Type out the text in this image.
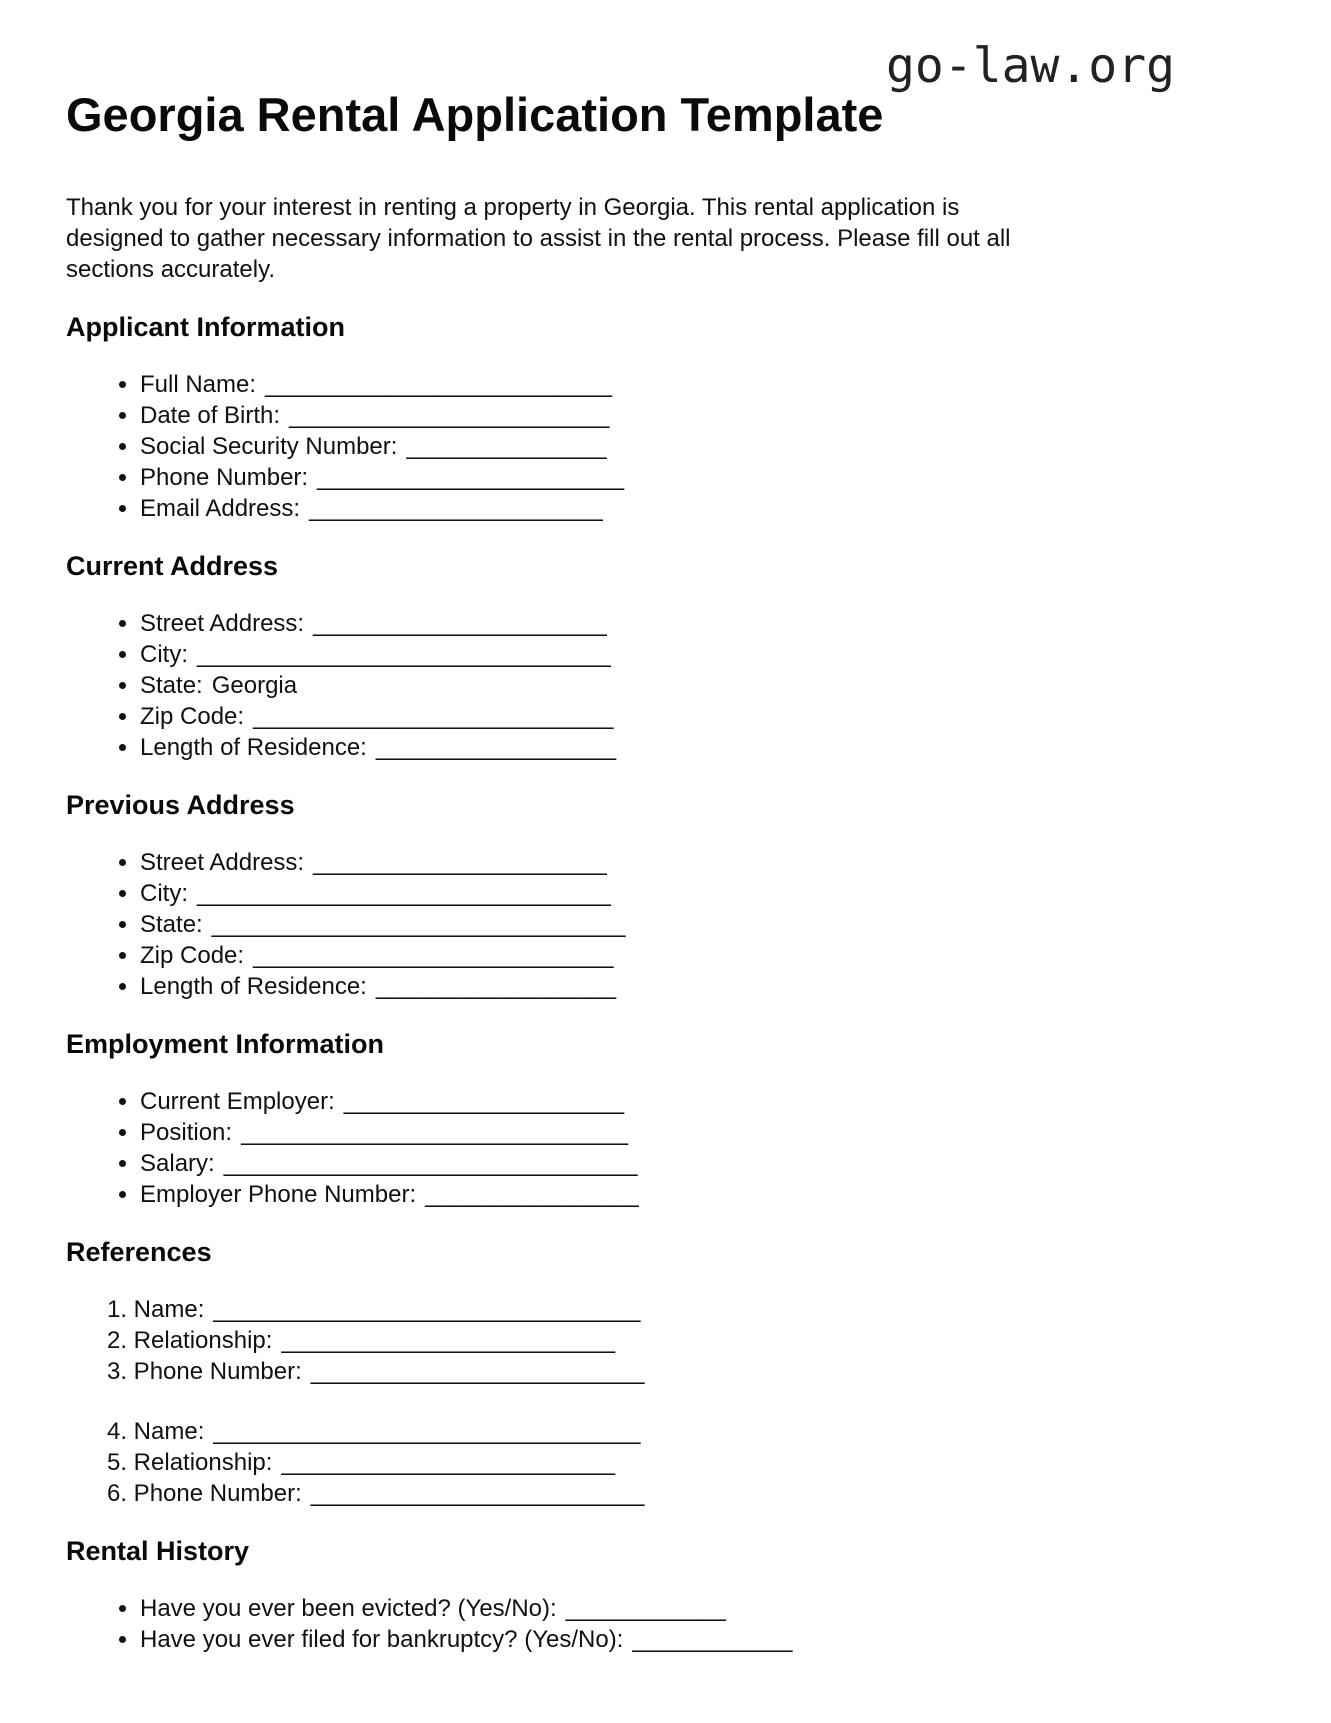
go-law.org
Georgia Rental Application Template

Thank you for your interest in renting a property in Georgia. This rental application is
designed to gather necessary information to assist in the rental process. Please fill out all
sections accurately.

Applicant Information
• Full Name: __________________________
• Date of Birth: ________________________
• Social Security Number: _______________
• Phone Number: _______________________
• Email Address: ______________________
Current Address
• Street Address: ______________________
• City: _______________________________
• State: Georgia
• Zip Code: ___________________________
• Length of Residence: __________________
Previous Address
• Street Address: ______________________
• City: _______________________________
• State: _______________________________
• Zip Code: ___________________________
• Length of Residence: __________________
Employment Information
• Current Employer: _____________________
• Position: _____________________________
• Salary: _______________________________
• Employer Phone Number: ________________
References
1. Name: ________________________________
2. Relationship: _________________________
3. Phone Number: _________________________
4. Name: ________________________________
5. Relationship: _________________________
6. Phone Number: _________________________
Rental History
• Have you ever been evicted? (Yes/No): ____________
• Have you ever filed for bankruptcy? (Yes/No): ____________
